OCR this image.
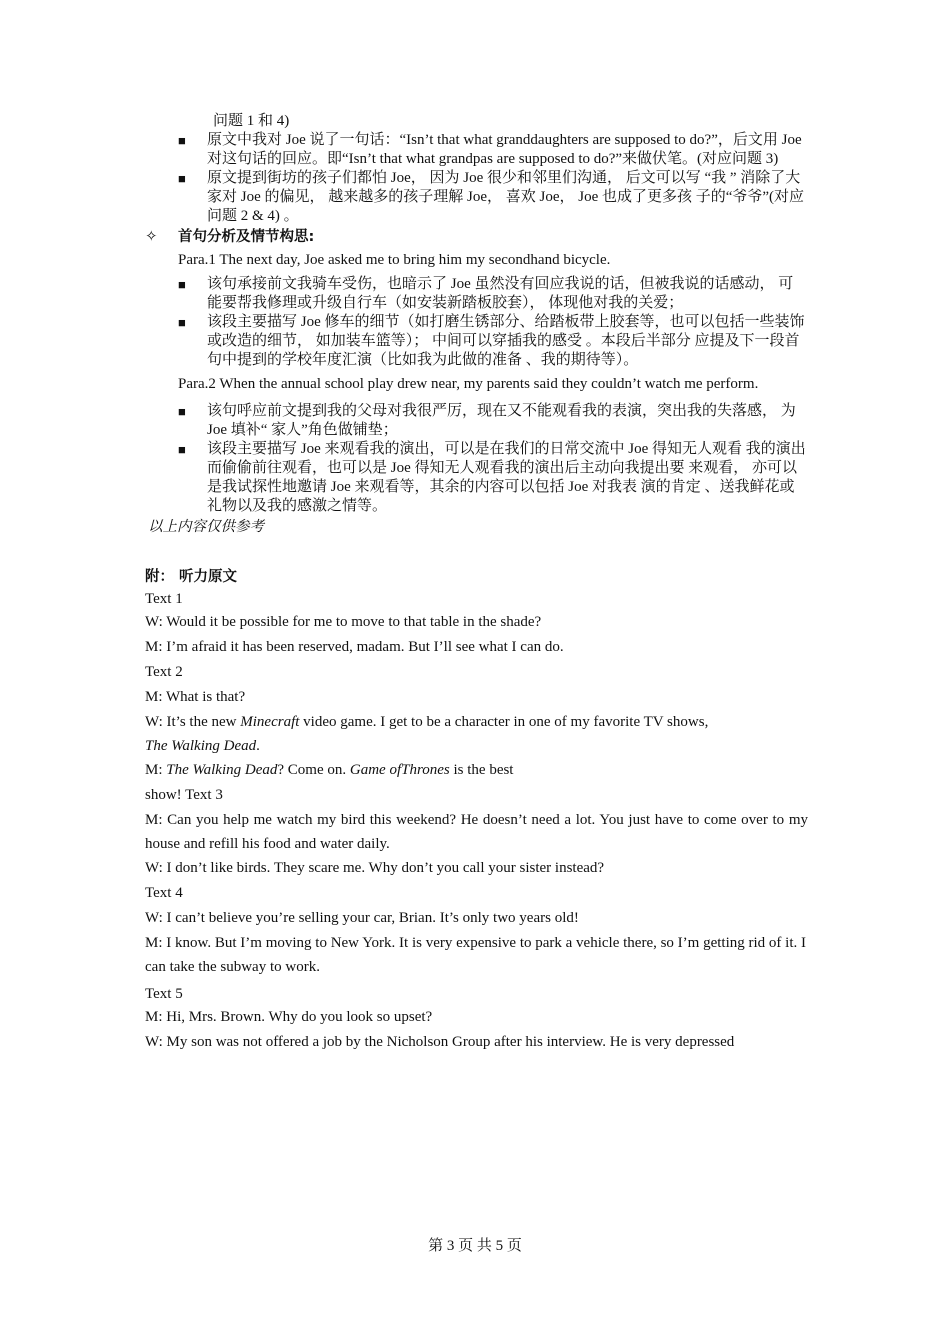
问题 1 和 4)
■	原文中我对 Joe 说了一句话：“Isn’t that what granddaughters are supposed to do?”，后文用 Joe 对这句话的回应。即“Isn’t that what grandpas are supposed to do?”来做伏笔。(对应问题 3)
■	原文提到街坊的孩子们都怕 Joe， 因为 Joe 很少和邻里们沟通， 后文可以写 “我 ” 消除了大家对 Joe 的偏见， 越来越多的孩子理解 Joe， 喜欢 Joe， Joe 也成了更多孩 子的“爷爷”(对应问题 2 & 4) 。
✧	首句分析及情节构思:
Para.1 The next day, Joe asked me to bring him my secondhand bicycle.
■	该句承接前文我骑车受伤，也暗示了 Joe 虽然没有回应我说的话，但被我说的话感动， 可能要帮我修理或升级自行车（如安装新踏板胶套）， 体现他对我的关爱；
■	该段主要描写 Joe 修车的细节（如打磨生锈部分、给踏板带上胶套等，也可以包括一些装饰或改造的细节， 如加装车篮等）； 中间可以穿插我的感受 。本段后半部分 应提及下一段首句中提到的学校年度汇演（比如我为此做的准备 、我的期待等）。
Para.2 When the annual school play drew near, my parents said they couldn’t watch me perform.
■	该句呼应前文提到我的父母对我很严厉，现在又不能观看我的表演，突出我的失落感， 为 Joe 填补“ 家人”角色做铺垫；
■	该段主要描写 Joe 来观看我的演出，可以是在我们的日常交流中 Joe 得知无人观看 我的演出而偷偷前往观看，也可以是 Joe 得知无人观看我的演出后主动向我提出要 来观看， 亦可以是我试探性地邀请 Joe 来观看等，其余的内容可以包括 Joe 对我表 演的肯定 、送我鲜花或礼物以及我的感激之情等。
以上内容仅供参考
附： 听力原文
Text 1
W: Would it be possible for me to move to that table in the shade?
M: I’m afraid it has been reserved, madam. But I’ll see what I can do.
Text 2
M: What is that?
W: It’s the new Minecraft video game. I get to be a character in one of my favorite TV shows,
The Walking Dead.
M: The Walking Dead? Come on. Game ofThrones is the best
show! Text 3
M: Can you help me watch my bird this weekend? He doesn’t need a lot. You just have to come over to my house and refill his food and water daily.
W: I don’t like birds. They scare me. Why don’t you call your sister instead?
Text 4
W: I can’t believe you’re selling your car, Brian. It’s only two years old!
M: I know. But I’m moving to New York. It is very expensive to park a vehicle there, so I’m getting rid of it. I can take the subway to work.
Text 5
M: Hi, Mrs. Brown. Why do you look so upset?
W: My son was not offered a job by the Nicholson Group after his interview. He is very depressed
第 3 页 共 5 页
